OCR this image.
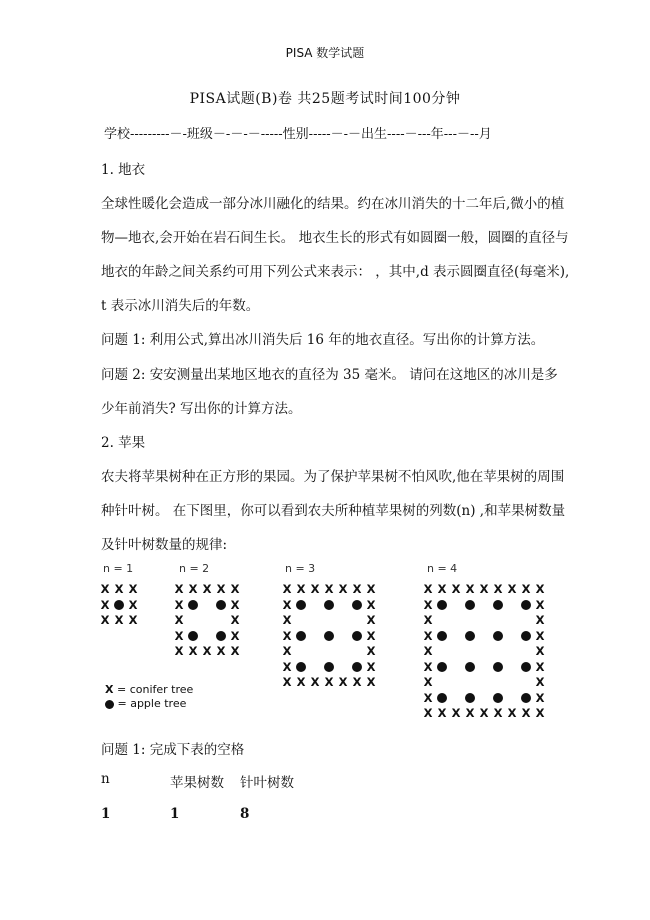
PISA 数学试题
PISA试题(B)卷 共25题考试时间100分钟
学校---------－-班级－-－-－-----性别-----－-－出生----－---年---－--月
1. 地衣
全球性暖化会造成一部分冰川融化的结果。约在冰川消失的十二年后,微小的植
物—地衣,会开始在岩石间生长。 地衣生长的形式有如圆圈一般，圆圈的直径与
地衣的年龄之间关系约可用下列公式来表示： ，其中,d 表示圆圈直径(每毫米),
t 表示冰川消失后的年数。
问题 1: 利用公式,算出冰川消失后 16 年的地衣直径。写出你的计算方法。
问题 2: 安安测量出某地区地衣的直径为 35 毫米。 请问在这地区的冰川是多
少年前消失? 写出你的计算方法。
2. 苹果
农夫将苹果树种在正方形的果园。为了保护苹果树不怕风吹,他在苹果树的周围
种针叶树。 在下图里，你可以看到农夫所种植苹果树的列数(n) ,和苹果树数量
及针叶树数量的规律:
n = 1	n = 2	n = 3	n = 4
X X X
X X
X X X
X X X X X
X	X
X	X
X	X
X X X X X
X X X X X X X
X	X
X	X
X	X
X	X
X	X
X X X X X X X
X X X X X X X X X
X	X
X	X
X	X
X	X
X	X
X	X
X	X
X X X X X X X X X
X = conifer tree
= apple tree
问题 1: 完成下表的空格
n	苹果树数 针叶树数
1	1	8
